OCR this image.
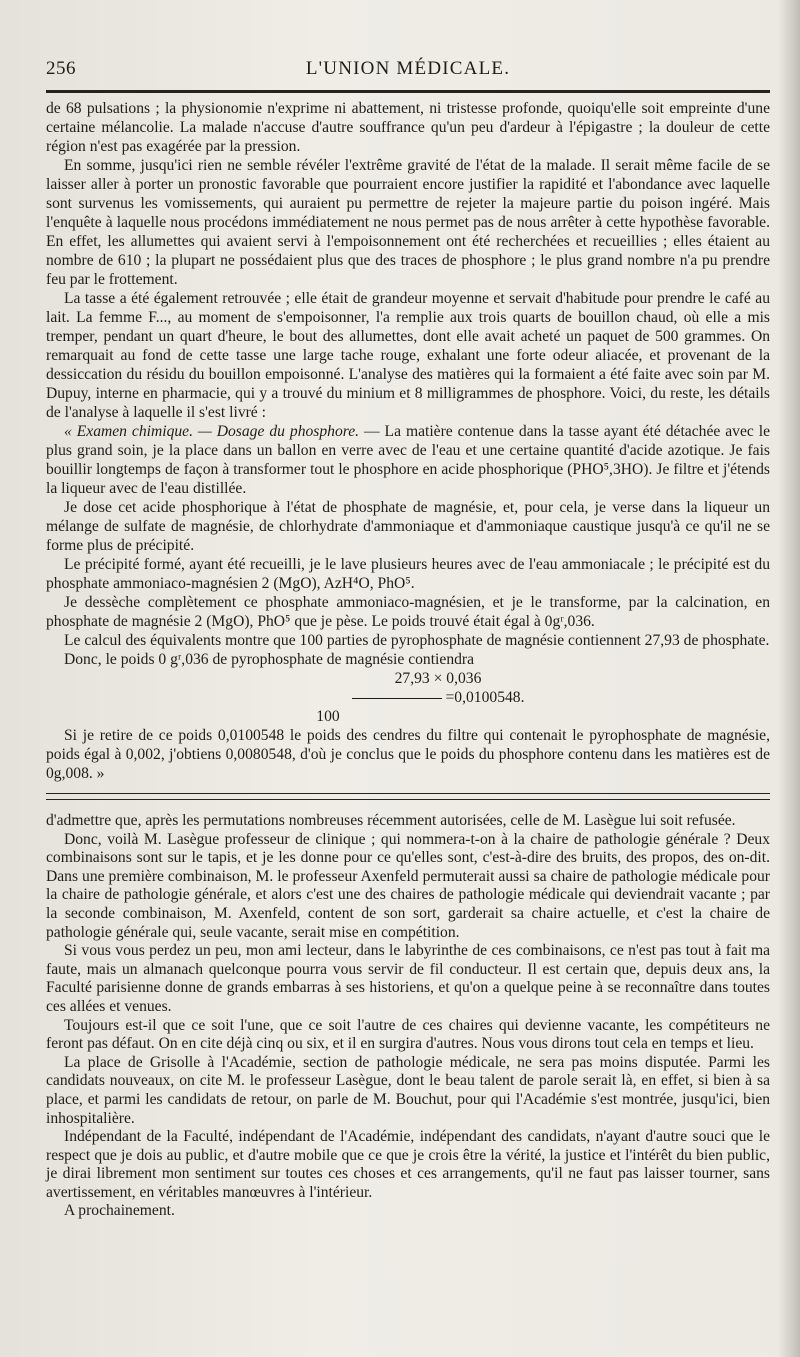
256	L'UNION MÉDICALE.

de 68 pulsations ; la physionomie n'exprime ni abattement, ni tristesse profonde, quoiqu'elle soit empreinte d'une certaine mélancolie. La malade n'accuse d'autre souffrance qu'un peu d'ardeur à l'épigastre ; la douleur de cette région n'est pas exagérée par la pression.

En somme, jusqu'ici rien ne semble révéler l'extrême gravité de l'état de la malade. Il serait même facile de se laisser aller à porter un pronostic favorable que pourraient encore justifier la rapidité et l'abondance avec laquelle sont survenus les vomissements, qui auraient pu permettre de rejeter la majeure partie du poison ingéré. Mais l'enquête à laquelle nous procédons immédiatement ne nous permet pas de nous arrêter à cette hypothèse favorable. En effet, les allumettes qui avaient servi à l'empoisonnement ont été recherchées et recueillies ; elles étaient au nombre de 610 ; la plupart ne possédaient plus que des traces de phosphore ; le plus grand nombre n'a pu prendre feu par le frottement.

La tasse a été également retrouvée ; elle était de grandeur moyenne et servait d'habitude pour prendre le café au lait. La femme F..., au moment de s'empoisonner, l'a remplie aux trois quarts de bouillon chaud, où elle a mis tremper, pendant un quart d'heure, le bout des allumettes, dont elle avait acheté un paquet de 500 grammes. On remarquait au fond de cette tasse une large tache rouge, exhalant une forte odeur aliacée, et provenant de la dessiccation du résidu du bouillon empoisonné. L'analyse des matières qui la formaient a été faite avec soin par M. Dupuy, interne en pharmacie, qui y a trouvé du minium et 8 milligrammes de phosphore. Voici, du reste, les détails de l'analyse à laquelle il s'est livré :

« Examen chimique. — Dosage du phosphore. — La matière contenue dans la tasse ayant été détachée avec le plus grand soin, je la place dans un ballon en verre avec de l'eau et une certaine quantité d'acide azotique. Je fais bouillir longtemps de façon à transformer tout le phosphore en acide phosphorique (PHO⁵,3HO). Je filtre et j'étends la liqueur avec de l'eau distillée.

Je dose cet acide phosphorique à l'état de phosphate de magnésie, et, pour cela, je verse dans la liqueur un mélange de sulfate de magnésie, de chlorhydrate d'ammoniaque et d'ammoniaque caustique jusqu'à ce qu'il ne se forme plus de précipité.

Le précipité formé, ayant été recueilli, je le lave plusieurs heures avec de l'eau ammoniacale ; le précipité est du phosphate ammoniaco-magnésien 2 (MgO), AzH⁴O, PhO⁵.

Je dessèche complètement ce phosphate ammoniaco-magnésien, et je le transforme, par la calcination, en phosphate de magnésie 2 (MgO), PhO⁵ que je pèse. Le poids trouvé était égal à 0gʳ,036.

Le calcul des équivalents montre que 100 parties de pyrophosphate de magnésie contiennent 27,93 de phosphate.

Donc, le poids 0 gʳ,036 de pyrophosphate de magnésie contiendra

27,93 × 0,036
=0,0100548.
100

Si je retire de ce poids 0,0100548 le poids des cendres du filtre qui contenait le pyrophosphate de magnésie, poids égal à 0,002, j'obtiens 0,0080548, d'où je conclus que le poids du phosphore contenu dans les matières est de 0g,008. »

d'admettre que, après les permutations nombreuses récemment autorisées, celle de M. Lasègue lui soit refusée.

Donc, voilà M. Lasègue professeur de clinique ; qui nommera-t-on à la chaire de pathologie générale ? Deux combinaisons sont sur le tapis, et je les donne pour ce qu'elles sont, c'est-à-dire des bruits, des propos, des on-dit. Dans une première combinaison, M. le professeur Axenfeld permuterait aussi sa chaire de pathologie médicale pour la chaire de pathologie générale, et alors c'est une des chaires de pathologie médicale qui deviendrait vacante ; par la seconde combinaison, M. Axenfeld, content de son sort, garderait sa chaire actuelle, et c'est la chaire de pathologie générale qui, seule vacante, serait mise en compétition.

Si vous vous perdez un peu, mon ami lecteur, dans le labyrinthe de ces combinaisons, ce n'est pas tout à fait ma faute, mais un almanach quelconque pourra vous servir de fil conducteur. Il est certain que, depuis deux ans, la Faculté parisienne donne de grands embarras à ses historiens, et qu'on a quelque peine à se reconnaître dans toutes ces allées et venues.

Toujours est-il que ce soit l'une, que ce soit l'autre de ces chaires qui devienne vacante, les compétiteurs ne feront pas défaut. On en cite déjà cinq ou six, et il en surgira d'autres. Nous vous dirons tout cela en temps et lieu.

La place de Grisolle à l'Académie, section de pathologie médicale, ne sera pas moins disputée. Parmi les candidats nouveaux, on cite M. le professeur Lasègue, dont le beau talent de parole serait là, en effet, si bien à sa place, et parmi les candidats de retour, on parle de M. Bouchut, pour qui l'Académie s'est montrée, jusqu'ici, bien inhospitalière.

Indépendant de la Faculté, indépendant de l'Académie, indépendant des candidats, n'ayant d'autre souci que le respect que je dois au public, et d'autre mobile que ce que je crois être la vérité, la justice et l'intérêt du bien public, je dirai librement mon sentiment sur toutes ces choses et ces arrangements, qu'il ne faut pas laisser tourner, sans avertissement, en véritables manœuvres à l'intérieur.

A prochainement.
